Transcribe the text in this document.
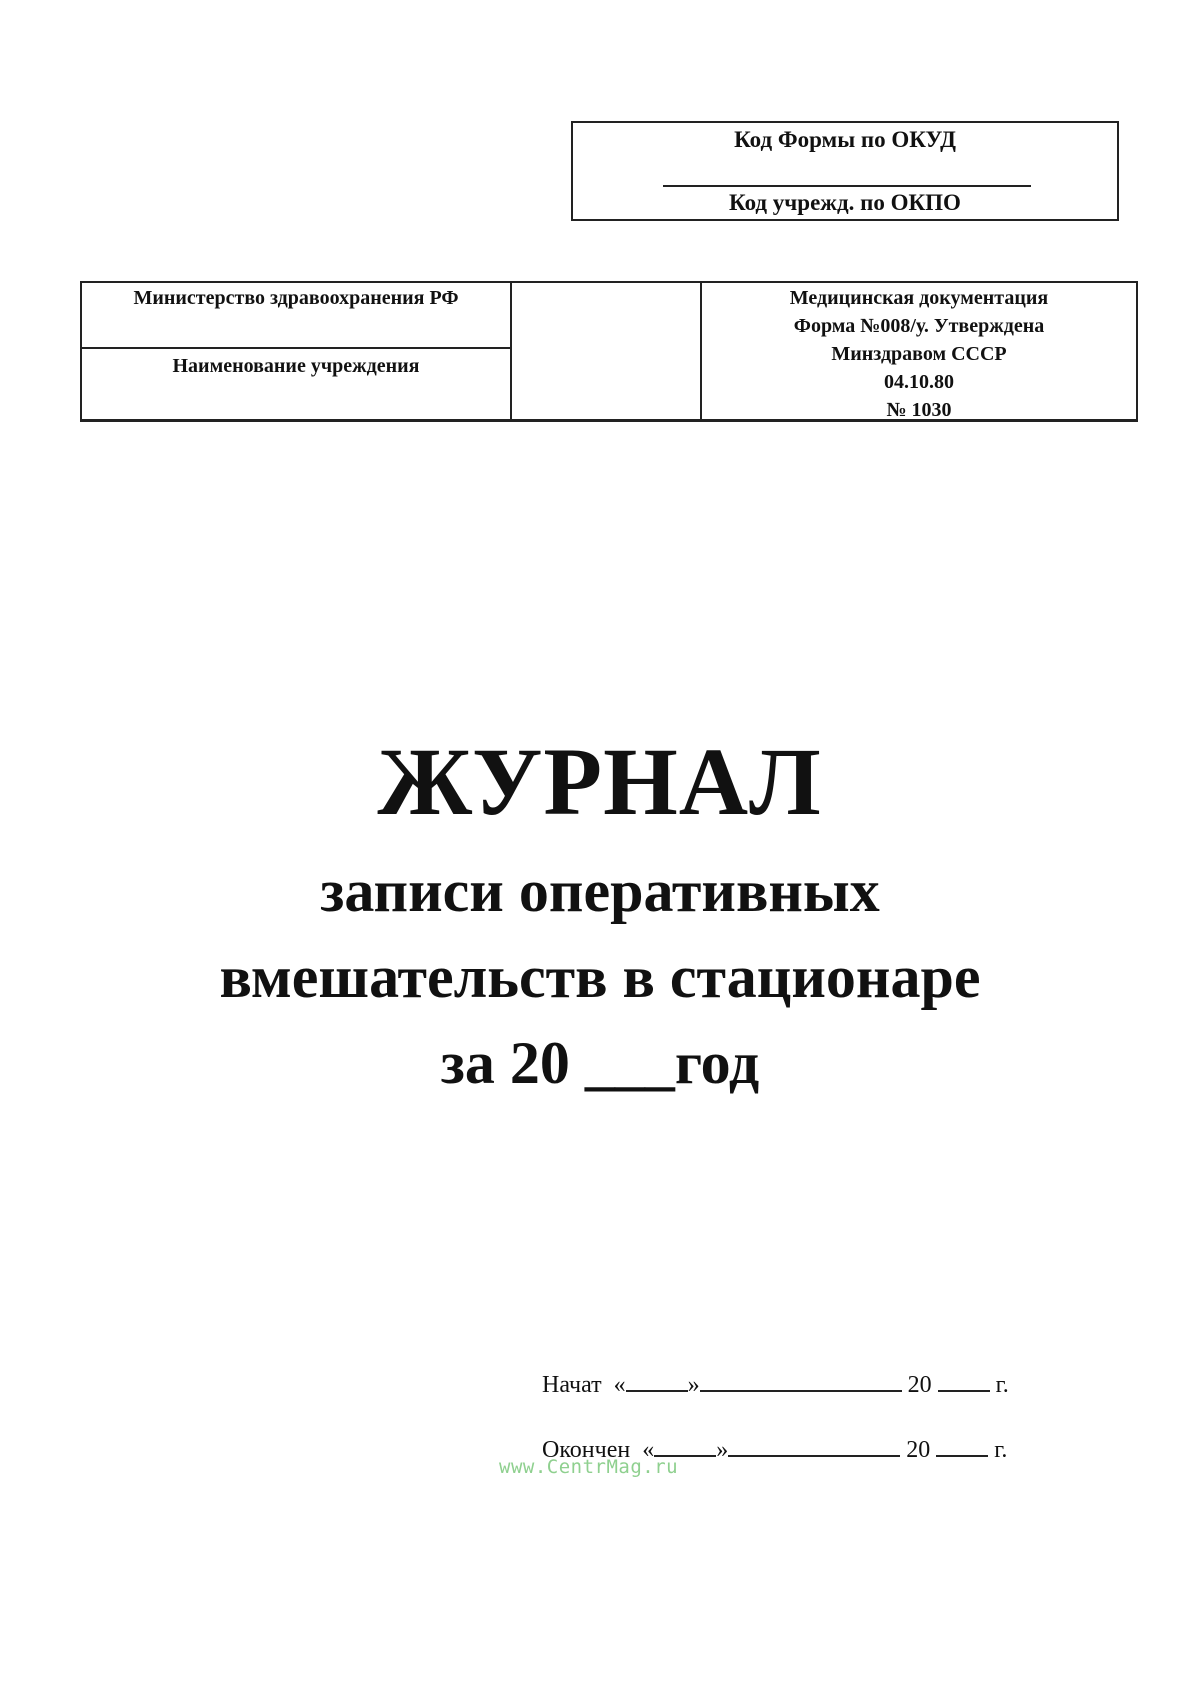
Код Формы по ОКУД
Код учрежд. по ОКПО
Министерство здравоохранения РФ
Наименование учреждения
Медицинская документация
Форма №008/у. Утверждена
Минздравом СССР
04.10.80
№ 1030
ЖУРНАЛ
записи оперативных
вмешательств в стационаре
за 20 ___год
Начат «	»	20	г.
Окончен «	»	20	г.
www.CentrMag.ru
